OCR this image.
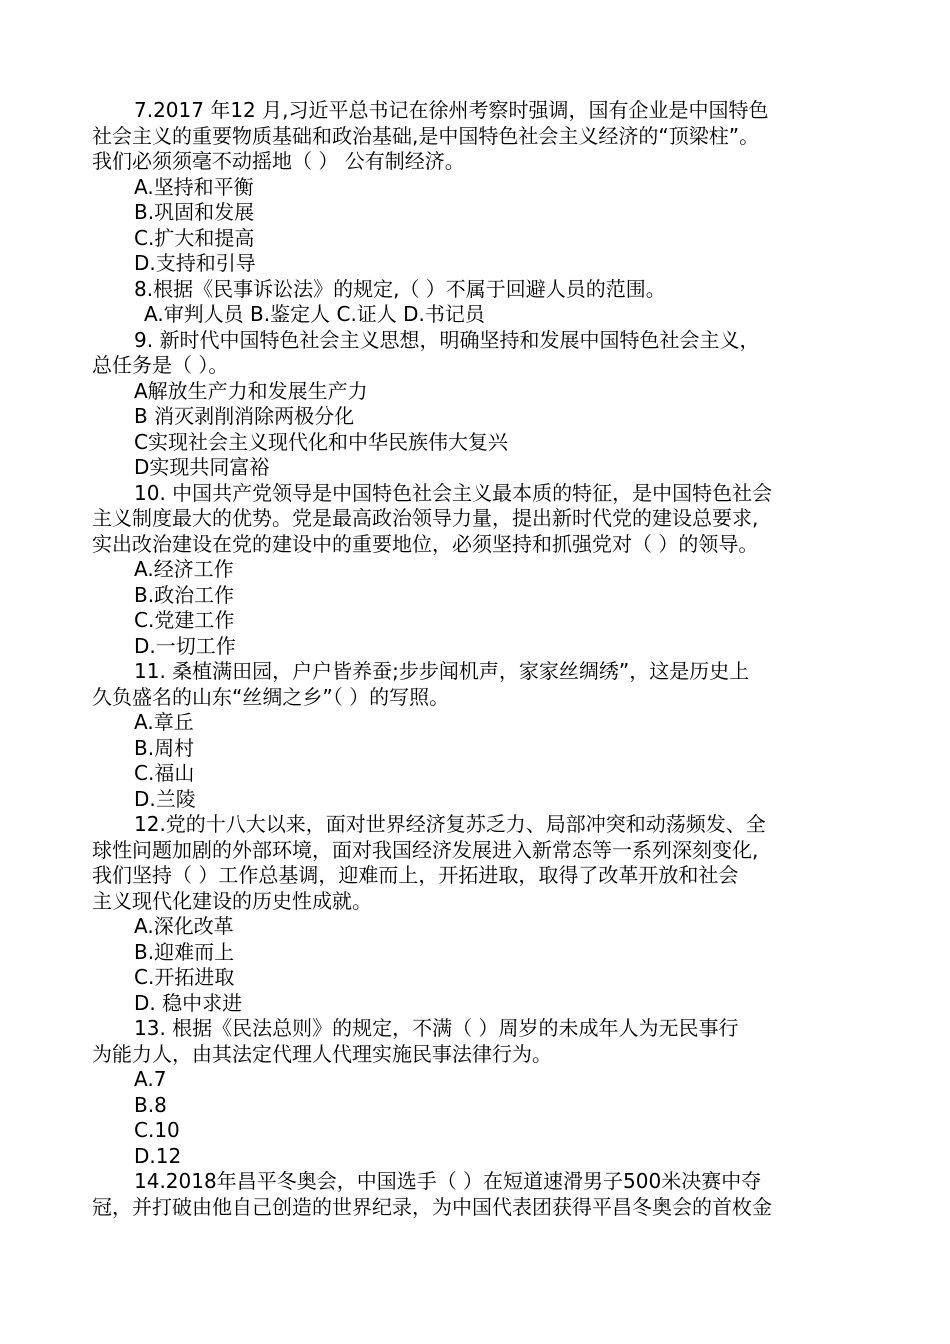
7.2017 年12 月,习近平总书记在徐州考察时强调，国有企业是中国特色
社会主义的重要物质基础和政治基础,是中国特色社会主义经济的“顶梁柱”。
我们必须须毫不动摇地（ ） 公有制经济。
A.坚持和平衡
B.巩固和发展
C.扩大和提高
D.支持和引导
8.根据《民事诉讼法》的规定,（ ）不属于回避人员的范围。
A.审判人员 B.鉴定人 C.证人 D.书记员
9. 新时代中国特色社会主义思想，明确坚持和发展中国特色社会主义，
总任务是（ ）。
A解放生产力和发展生产力
B 消灭剥削消除两极分化
C实现社会主义现代化和中华民族伟大复兴
D实现共同富裕
10. 中国共产党领导是中国特色社会主义最本质的特征，是中国特色社会
主义制度最大的优势。党是最高政治领导力量，提出新时代党的建设总要求,
实出改治建设在党的建设中的重要地位，必须坚持和抓强党对（ ）的领导。
A.经济工作
B.政治工作
C.党建工作
D.一切工作
11. 桑植满田园，户户皆养蚕;步步闻机声，家家丝绸绣”，这是历史上
久负盛名的山东“丝绸之乡”（ ）的写照。
A.章丘
B.周村
C.福山
D.兰陵
12.党的十八大以来，面对世界经济复苏乏力、局部冲突和动荡频发、全
球性问题加剧的外部环境，面对我国经济发展进入新常态等一系列深刻变化,
我们坚持（ ）工作总基调，迎难而上，开拓进取，取得了改革开放和社会
主义现代化建设的历史性成就。
A.深化改革
B.迎难而上
C.开拓进取
D. 稳中求进
13. 根据《民法总则》的规定，不满（ ）周岁的未成年人为无民事行
为能力人，由其法定代理人代理实施民事法律行为。
A.7
B.8
C.10
D.12
14.2018年昌平冬奥会，中国选手（ ）在短道速滑男子500米决赛中夺
冠，并打破由他自己创造的世界纪录，为中国代表团获得平昌冬奥会的首枚金
